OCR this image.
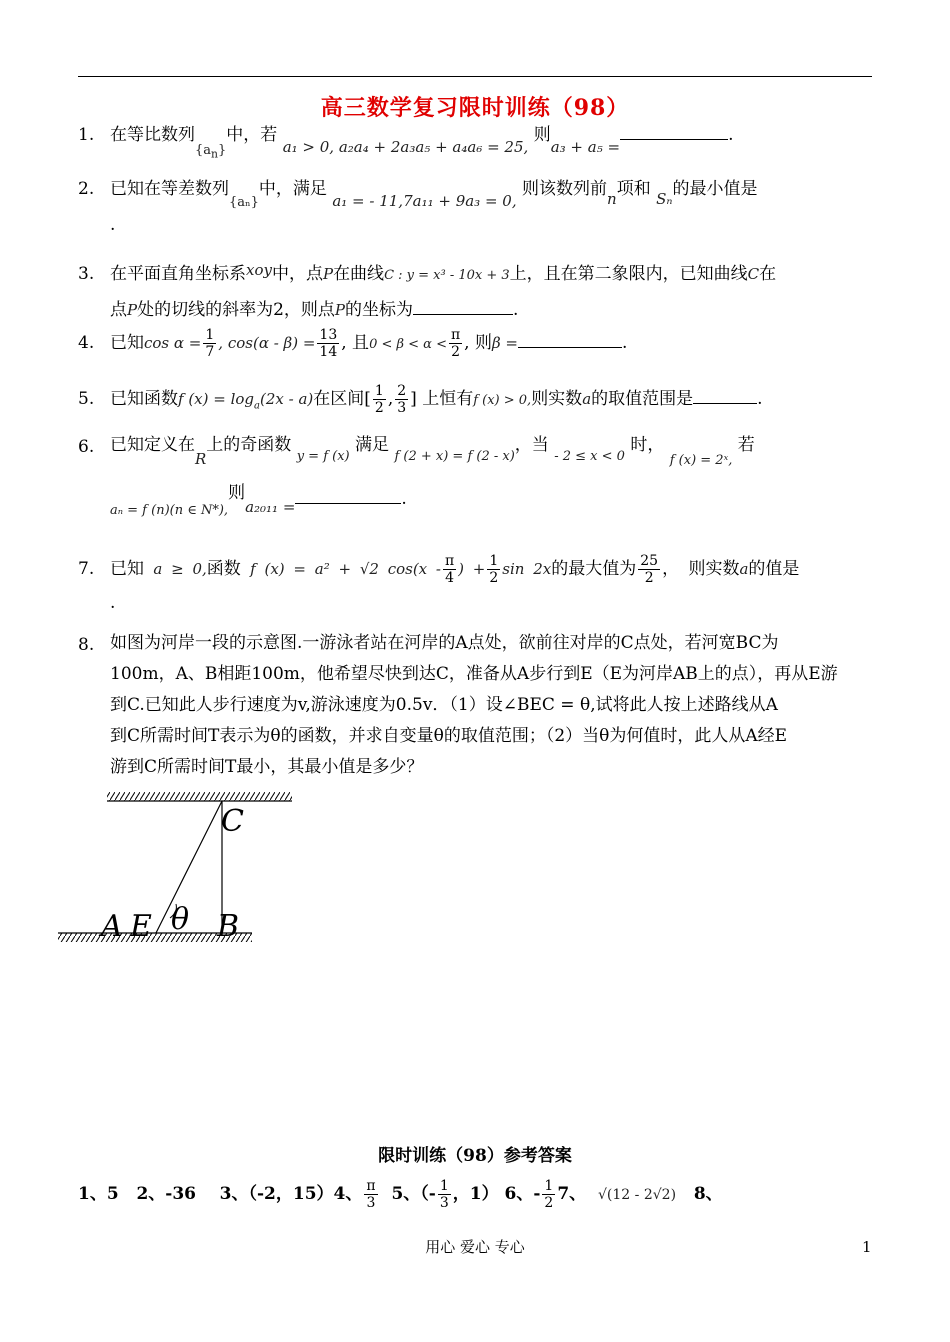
高三数学复习限时训练（98）
1. 在等比数列$_{\{a_n\}}$中，若 a₁ > 0, a₂a₄ + 2a₃a₅ + a₄a₆ = 25, 则a₃ + a₅ =.
2. 已知在等差数列$_{\{a_n\}}$中，满足 a₁ = - 11,7a₁₁ + 9a₃ = 0, 则该数列前n项和 Sₙ的最小值是
.
3. 在平面直角坐标系xoy中，点P在曲线C : y = x³ - 10x + 3上，且在第二象限内，已知曲线C在
点P处的切线的斜率为2，则点P的坐标为	.
4. 已知$\cos \alpha = \frac{1}{7}$ , $\cos(\alpha - \beta) = \frac{13}{14}$ , 且$0 < \beta < \alpha < \frac{\pi}{2}$ , 则β =	.
5. 已知函数f $(x) = \log_a(2x - a)$在区间[ $\frac{1}{2}$ , $\frac{2}{3}$ ] 上恒有f (x) > 0,则实数a的取值范围是	.
6. 已知定义在R上的奇函数 $_{y = f (x)}$ 满足 $_{f (2 + x) = f (2 - x)}$，当 $_{- 2 \le x < 0}$ 时， $_{f (x) = 2ˣ,}$ 若

$_{a_n = f (n)(n \in N*),}$则a₂₀₁₁ =	.
7. 已知 a ≥ 0,函数 f (x) = a² + √2 $\cos(x - \frac{\pi}{4}$ ) + $\frac{1}{2}$ sin 2x的最大值为 $\frac{25}{2}$ ， 则实数a的值是
.
8. 如图为河岸一段的示意图.一游泳者站在河岸的A点处，欲前往对岸的C点处，若河宽BC为
100m，A、B相距100m，他希望尽快到达C，准备从A步行到E（E为河岸AB上的点），再从E游
到C.已知此人步行速度为v,游泳速度为0.5v．（1）设∠BEC = θ,试将此人按上述路线从A
到C所需时间T表示为θ的函数，并求自变量θ的取值范围；（2）当θ为何值时，此人从A经E
游到C所需时间T最小，其最小值是多少？
C
A E θ B
限时训练（98）参考答案
1、5 2、-36 3、（-2，15）4、 $\frac{\pi}{3} 5$、（- $\frac{1}{3}$ ，1） 6、- $\frac{1}{2} 7$、 √(12 - 2√2) 8、
用心 爱心 专心	1
